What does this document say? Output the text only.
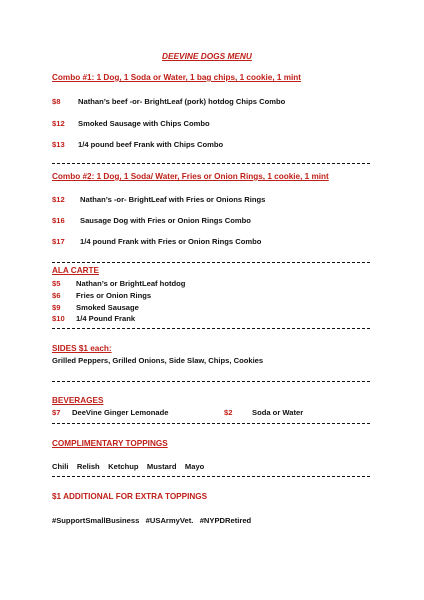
DEEVINE DOGS MENU
Combo #1: 1 Dog, 1 Soda or Water, 1 bag chips, 1 cookie, 1 mint
$8 Nathan’s beef -or- BrightLeaf (pork) hotdog Chips Combo
$12 Smoked Sausage with Chips Combo
$13 1/4 pound beef Frank with Chips Combo
Combo #2: 1 Dog, 1 Soda/ Water, Fries or Onion Rings, 1 cookie, 1 mint
$12 Nathan’s -or- BrightLeaf with Fries or Onions Rings
$16 Sausage Dog with Fries or Onion Rings Combo
$17 1/4 pound Frank with Fries or Onion Rings Combo
ALA CARTE
$5 Nathan’s or BrightLeaf hotdog
$6 Fries or Onion Rings
$9 Smoked Sausage
$10 1/4 Pound Frank
SIDES $1 each:
Grilled Peppers, Grilled Onions, Side Slaw, Chips, Cookies
BEVERAGES
$7 DeeVine Ginger Lemonade	$2	Soda or Water
COMPLIMENTARY TOPPINGS
Chili    Relish    Ketchup    Mustard    Mayo
$1 ADDITIONAL FOR EXTRA TOPPINGS
#SupportSmallBusiness   #USArmyVet.   #NYPDRetired
